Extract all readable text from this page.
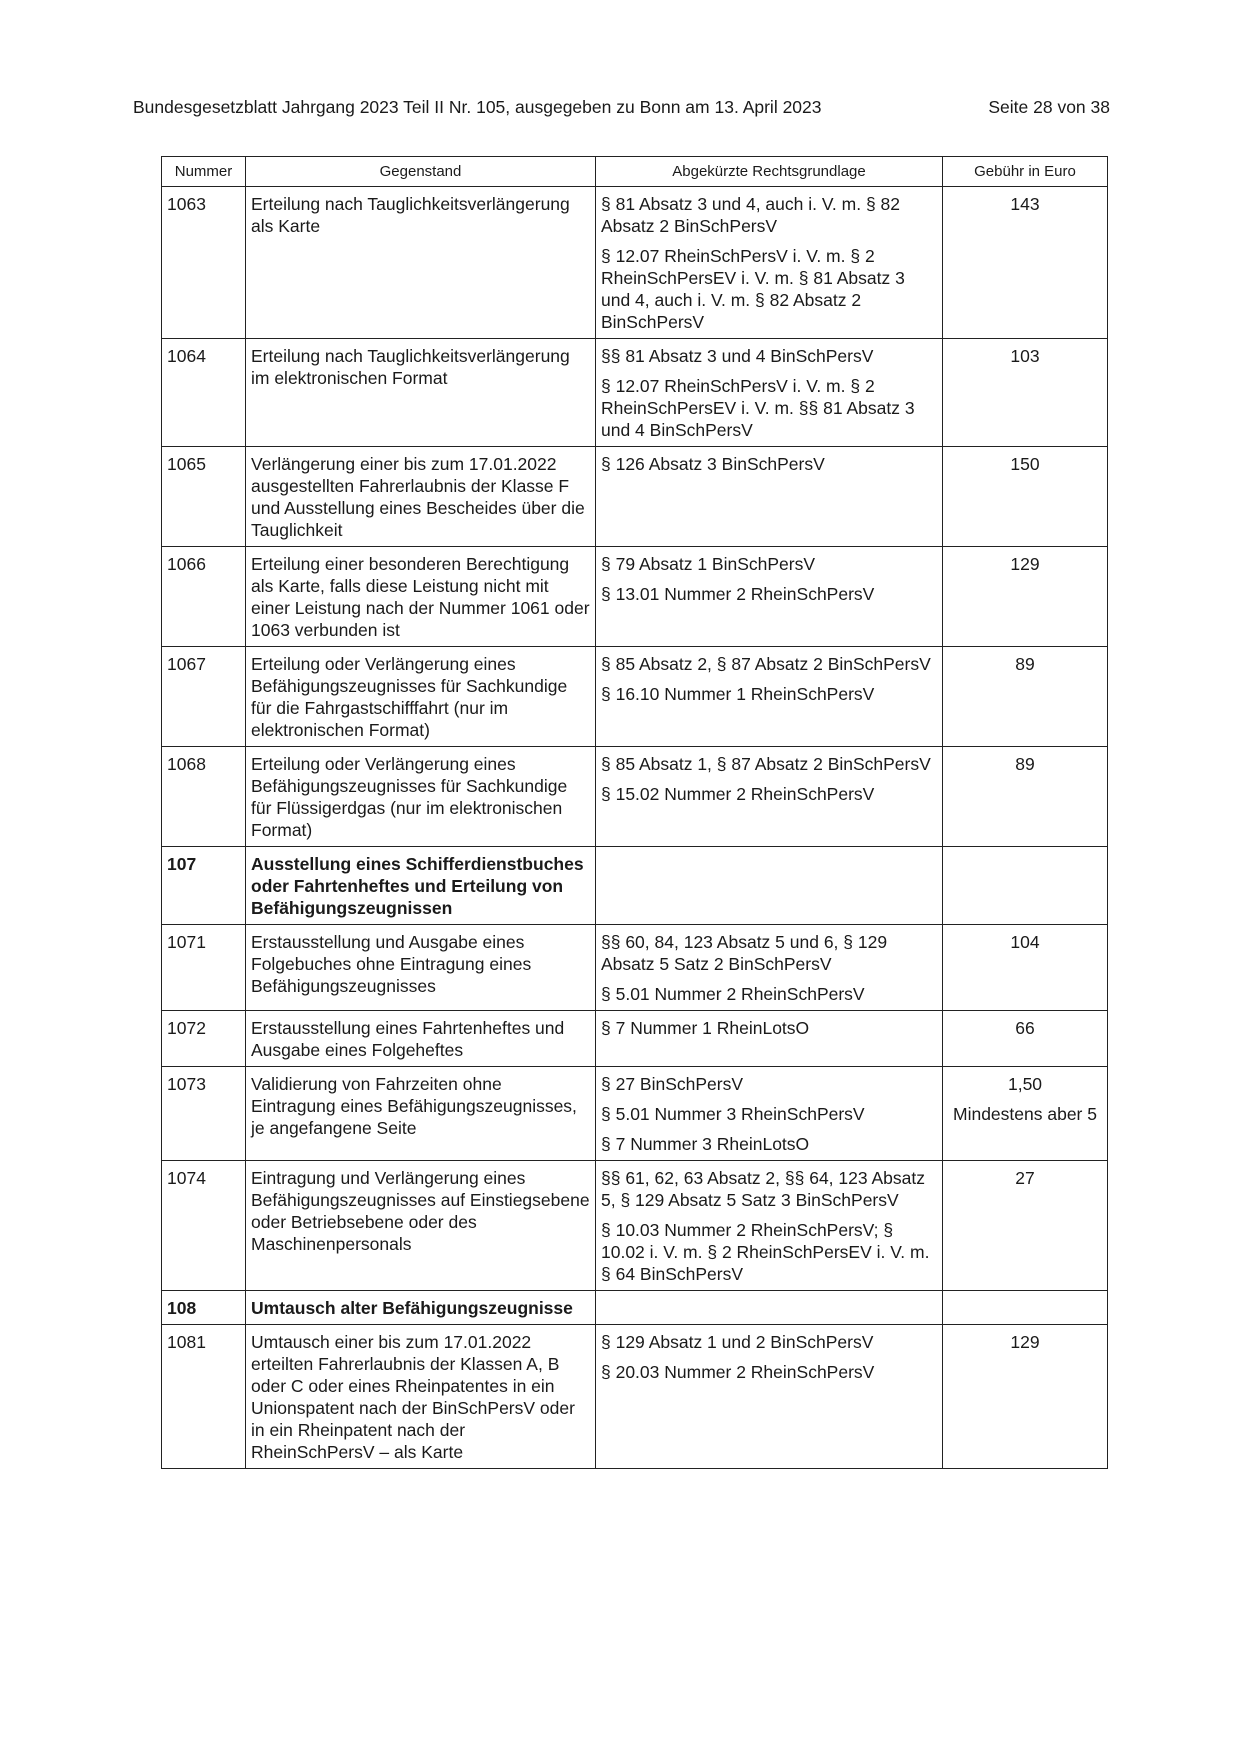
Bundesgesetzblatt Jahrgang 2023 Teil II Nr. 105, ausgegeben zu Bonn am 13. April 2023	Seite 28 von 38
Nummer	Gegenstand	Abgekürzte Rechtsgrundlage	Gebühr in Euro
1063	Erteilung nach Tauglichkeitsverlängerung als Karte	§ 81 Absatz 3 und 4, auch i. V. m. § 82 Absatz 2 BinSchPersV
§ 12.07 RheinSchPersV i. V. m. § 2 RheinSchPersEV i. V. m. § 81 Absatz 3 und 4, auch i. V. m. § 82 Absatz 2 BinSchPersV	143

1064	Erteilung nach Tauglichkeitsverlängerung im elektronischen Format	§§ 81 Absatz 3 und 4 BinSchPersV
§ 12.07 RheinSchPersV i. V. m. § 2 RheinSchPersEV i. V. m. §§ 81 Absatz 3 und 4 BinSchPersV	103

1065	Verlängerung einer bis zum 17.01.2022 ausgestellten Fahrerlaubnis der Klasse F und Ausstellung eines Bescheides über die Tauglichkeit	§ 126 Absatz 3 BinSchPersV	150

1066	Erteilung einer besonderen Berechtigung als Karte, falls diese Leistung nicht mit einer Leistung nach der Nummer 1061 oder 1063 verbunden ist	§ 79 Absatz 1 BinSchPersV
§ 13.01 Nummer 2 RheinSchPersV	129

1067	Erteilung oder Verlängerung eines Befähigungszeugnisses für Sachkundige für die Fahrgastschifffahrt (nur im elektronischen Format)	§ 85 Absatz 2, § 87 Absatz 2 BinSchPersV
§ 16.10 Nummer 1 RheinSchPersV	89

1068	Erteilung oder Verlängerung eines Befähigungszeugnisses für Sachkundige für Flüssigerdgas (nur im elektronischen Format)	§ 85 Absatz 1, § 87 Absatz 2 BinSchPersV
§ 15.02 Nummer 2 RheinSchPersV	89

107	Ausstellung eines Schifferdienstbuches oder Fahrtenheftes und Erteilung von Befähigungszeugnissen		
1071	Erstausstellung und Ausgabe eines Folgebuches ohne Eintragung eines Befähigungszeugnisses	§§ 60, 84, 123 Absatz 5 und 6, § 129 Absatz 5 Satz 2 BinSchPersV
§ 5.01 Nummer 2 RheinSchPersV	104

1072	Erstausstellung eines Fahrtenheftes und Ausgabe eines Folgeheftes	§ 7 Nummer 1 RheinLotsO	66

1073	Validierung von Fahrzeiten ohne Eintragung eines Befähigungszeugnisses, je angefangene Seite	§ 27 BinSchPersV
§ 5.01 Nummer 3 RheinSchPersV
§ 7 Nummer 3 RheinLotsO	1,50
Mindestens aber 5

1074	Eintragung und Verlängerung eines Befähigungszeugnisses auf Einstiegsebene oder Betriebsebene oder des Maschinenpersonals	§§ 61, 62, 63 Absatz 2, §§ 64, 123 Absatz 5, § 129 Absatz 5 Satz 3 BinSchPersV
§ 10.03 Nummer 2 RheinSchPersV; § 10.02 i. V. m. § 2 RheinSchPersEV i. V. m. § 64 BinSchPersV	27

108	Umtausch alter Befähigungszeugnisse		
1081	Umtausch einer bis zum 17.01.2022 erteilten Fahrerlaubnis der Klassen A, B oder C oder eines Rheinpatentes in ein Unionspatent nach der BinSchPersV oder in ein Rheinpatent nach der RheinSchPersV – als Karte	§ 129 Absatz 1 und 2 BinSchPersV
§ 20.03 Nummer 2 RheinSchPersV	129
